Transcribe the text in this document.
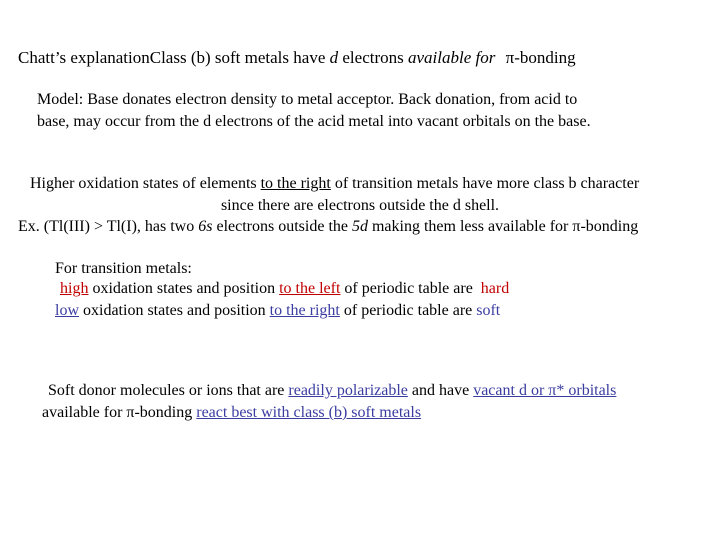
Chatt’s explanationClass (b) soft metals have d electrons available for π-bonding
Model: Base donates electron density to metal acceptor. Back donation, from acid to
base, may occur from the d electrons of the acid metal into vacant orbitals on the base.
Higher oxidation states of elements to the right of transition metals have more class b character
since there are electrons outside the d shell.
Ex. (Tl(III) > Tl(I), has two 6s electrons outside the 5d making them less available for π-bonding
For transition metals:
high oxidation states and position to the left of periodic table are hard
low oxidation states and position to the right of periodic table are soft
Soft donor molecules or ions that are readily polarizable and have vacant d or π* orbitals
available for π-bonding react best with class (b) soft metals
